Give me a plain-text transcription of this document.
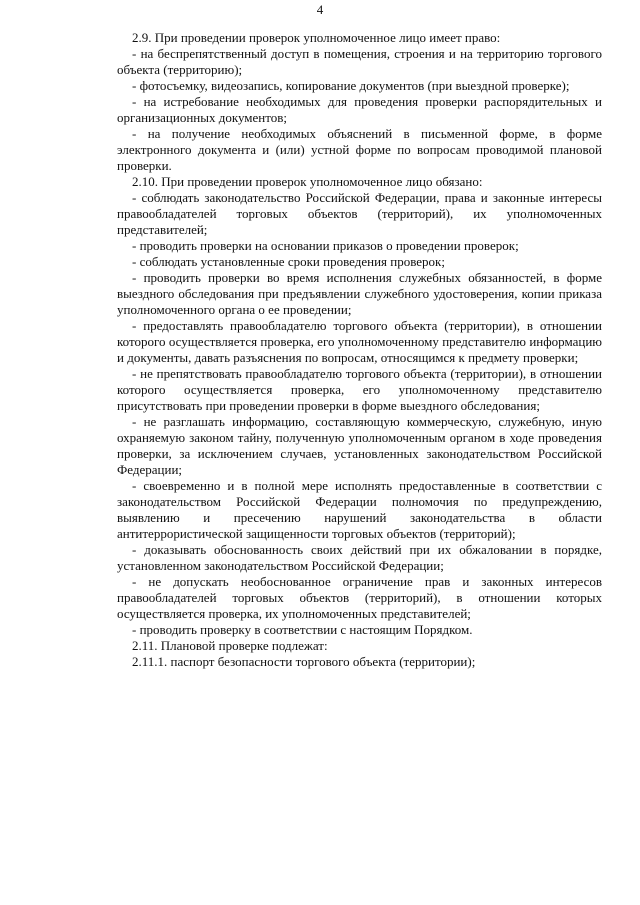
4

2.9. При проведении проверок уполномоченное лицо имеет право:

- на беспрепятственный доступ в помещения, строения и на территорию торгового объекта (территорию);

- фотосъемку, видеозапись, копирование документов (при выездной проверке);

- на истребование необходимых для проведения проверки распорядительных и организационных документов;

- на получение необходимых объяснений в письменной форме, в форме электронного документа и (или) устной форме по вопросам проводимой плановой проверки.

2.10. При проведении проверок уполномоченное лицо обязано:

- соблюдать законодательство Российской Федерации, права и законные интересы правообладателей торговых объектов (территорий), их уполномоченных представителей;

- проводить проверки на основании приказов о проведении проверок;

- соблюдать установленные сроки проведения проверок;

- проводить проверки во время исполнения служебных обязанностей, в форме выездного обследования при предъявлении служебного удостоверения, копии приказа уполномоченного органа о ее проведении;

- предоставлять правообладателю торгового объекта (территории), в отношении которого осуществляется проверка, его уполномоченному представителю информацию и документы, давать разъяснения по вопросам, относящимся к предмету проверки;

- не препятствовать правообладателю торгового объекта (территории), в отношении которого осуществляется проверка, его уполномоченному представителю присутствовать при проведении проверки в форме выездного обследования;

- не разглашать информацию, составляющую коммерческую, служебную, иную охраняемую законом тайну, полученную уполномоченным органом в ходе проведения проверки, за исключением случаев, установленных законодательством Российской Федерации;

- своевременно и в полной мере исполнять предоставленные в соответствии с законодательством Российской Федерации полномочия по предупреждению, выявлению и пресечению нарушений законодательства в области антитеррористической защищенности торговых объектов (территорий);

- доказывать обоснованность своих действий при их обжаловании в порядке, установленном законодательством Российской Федерации;

- не допускать необоснованное ограничение прав и законных интересов правообладателей торговых объектов (территорий), в отношении которых осуществляется проверка, их уполномоченных представителей;

- проводить проверку в соответствии с настоящим Порядком.

2.11. Плановой проверке подлежат:

2.11.1. паспорт безопасности торгового объекта (территории);
